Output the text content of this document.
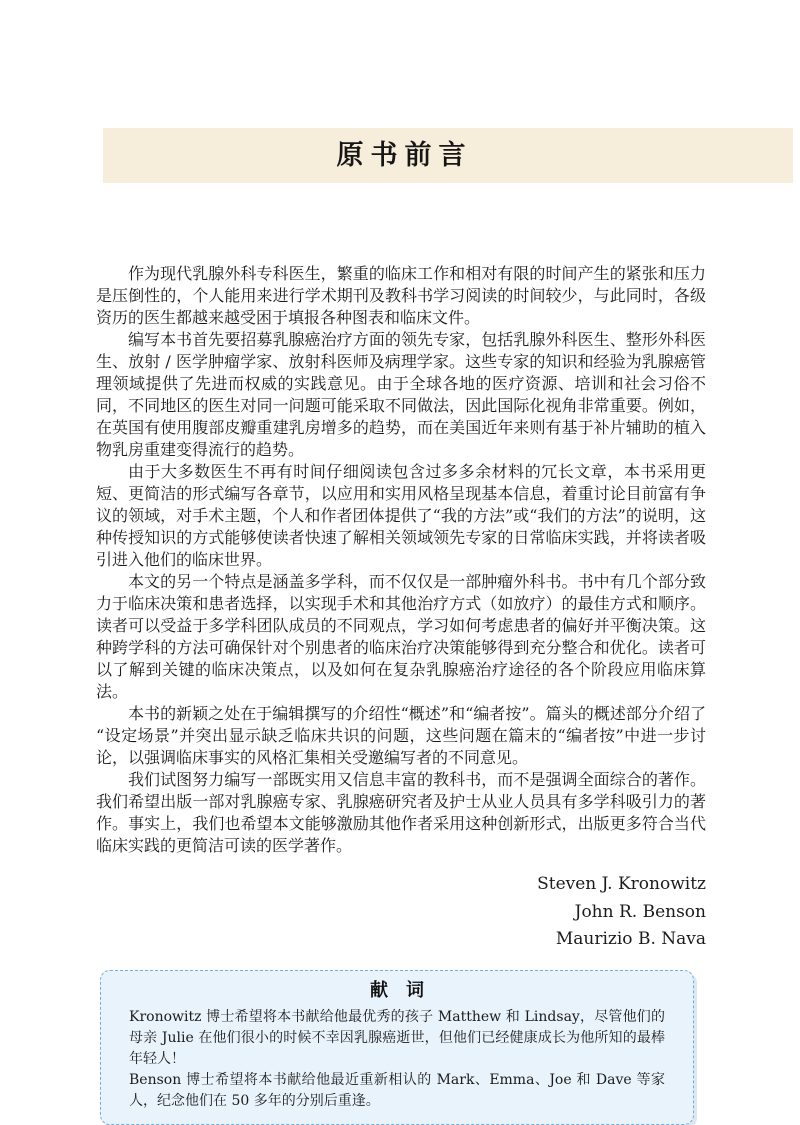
原书前言

作为现代乳腺外科专科医生，繁重的临床工作和相对有限的时间产生的紧张和压力是压倒性的，个人能用来进行学术期刊及教科书学习阅读的时间较少，与此同时，各级资历的医生都越来越受困于填报各种图表和临床文件。

编写本书首先要招募乳腺癌治疗方面的领先专家，包括乳腺外科医生、整形外科医生、放射 / 医学肿瘤学家、放射科医师及病理学家。这些专家的知识和经验为乳腺癌管理领域提供了先进而权威的实践意见。由于全球各地的医疗资源、培训和社会习俗不同，不同地区的医生对同一问题可能采取不同做法，因此国际化视角非常重要。例如，在英国有使用腹部皮瓣重建乳房增多的趋势，而在美国近年来则有基于补片辅助的植入物乳房重建变得流行的趋势。

由于大多数医生不再有时间仔细阅读包含过多多余材料的冗长文章，本书采用更短、更简洁的形式编写各章节，以应用和实用风格呈现基本信息，着重讨论目前富有争议的领域，对手术主题，个人和作者团体提供了“我的方法”或“我们的方法”的说明，这种传授知识的方式能够使读者快速了解相关领域领先专家的日常临床实践，并将读者吸引进入他们的临床世界。

本文的另一个特点是涵盖多学科，而不仅仅是一部肿瘤外科书。书中有几个部分致力于临床决策和患者选择，以实现手术和其他治疗方式（如放疗）的最佳方式和顺序。读者可以受益于多学科团队成员的不同观点，学习如何考虑患者的偏好并平衡决策。这种跨学科的方法可确保针对个别患者的临床治疗决策能够得到充分整合和优化。读者可以了解到关键的临床决策点，以及如何在复杂乳腺癌治疗途径的各个阶段应用临床算法。

本书的新颖之处在于编辑撰写的介绍性“概述”和“编者按”。篇头的概述部分介绍了“设定场景”并突出显示缺乏临床共识的问题，这些问题在篇末的“编者按”中进一步讨论，以强调临床事实的风格汇集相关受邀编写者的不同意见。

我们试图努力编写一部既实用又信息丰富的教科书，而不是强调全面综合的著作。我们希望出版一部对乳腺癌专家、乳腺癌研究者及护士从业人员具有多学科吸引力的著作。事实上，我们也希望本文能够激励其他作者采用这种创新形式，出版更多符合当代临床实践的更简洁可读的医学著作。

Steven J. Kronowitz
John R. Benson
Maurizio B. Nava
献　词

Kronowitz 博士希望将本书献给他最优秀的孩子 Matthew 和 Lindsay，尽管他们的母亲 Julie 在他们很小的时候不幸因乳腺癌逝世，但他们已经健康成长为他所知的最棒年轻人！

Benson 博士希望将本书献给他最近重新相认的 Mark、Emma、Joe 和 Dave 等家人，纪念他们在 50 多年的分别后重逢。
